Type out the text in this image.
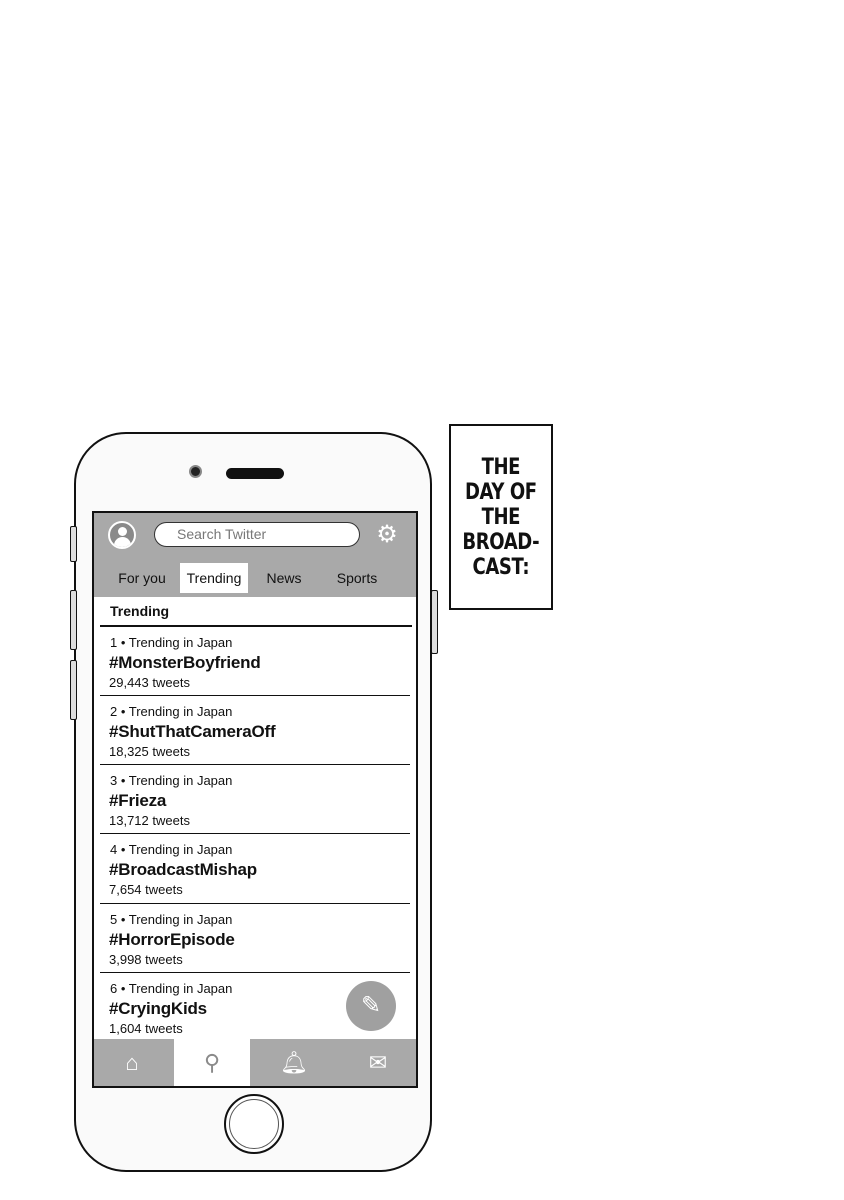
THE
DAY OF
THE
BROAD-
CAST:
Search Twitter	⚙
For you	Trending	News	Sports
Trending
1 • Trending in Japan
#MonsterBoyfriend
29,443 tweets
2 • Trending in Japan
#ShutThatCameraOff
18,325 tweets
3 • Trending in Japan
#Frieza
13,712 tweets
4 • Trending in Japan
#BroadcastMishap
7,654 tweets
5 • Trending in Japan
#HorrorEpisode
3,998 tweets
6 • Trending in Japan
#CryingKids
1,604 tweets
✎
⌂	⚲	🔔︎	✉
